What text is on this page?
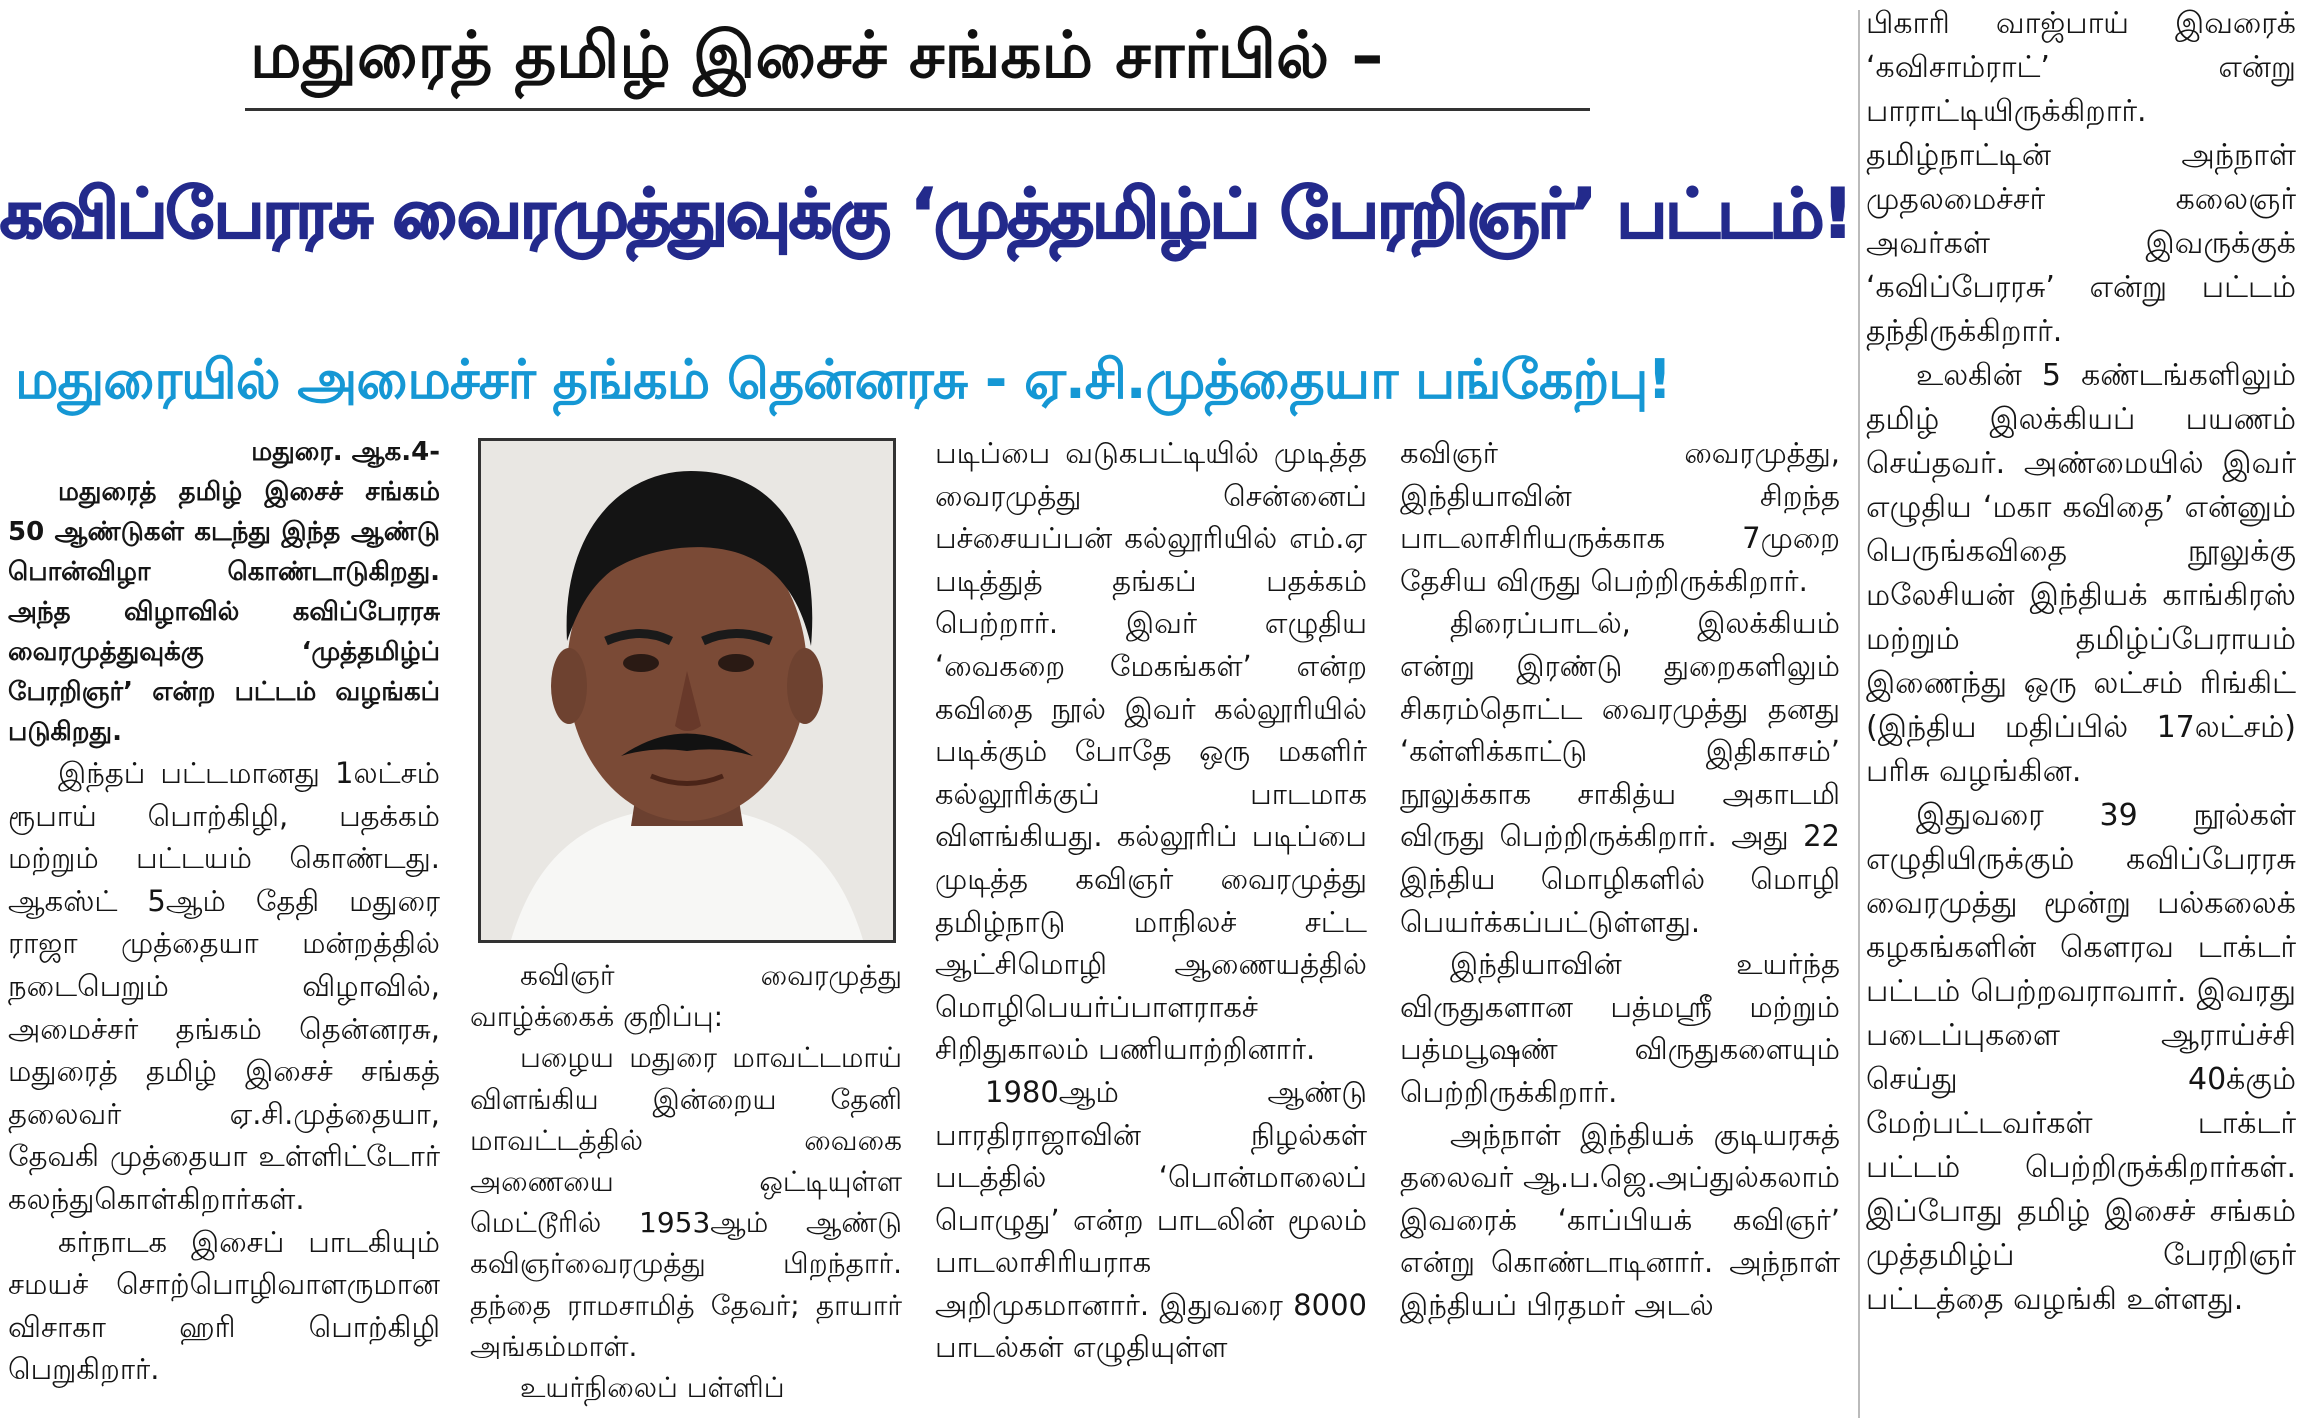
மதுரைத் தமிழ் இசைச் சங்கம் சார்பில் –
கவிப்பேரரசு வைரமுத்துவுக்கு ‘முத்தமிழ்ப் பேரறிஞர்’ பட்டம்!
மதுரையில் அமைச்சர் தங்கம் தென்னரசு - ஏ.சி.முத்தையா பங்கேற்பு!

மதுரை. ஆக.4-

மதுரைத் தமிழ் இசைச் சங்கம் 50 ஆண்டுகள் கடந்து இந்த ஆண்டு பொன்விழா கொண்டாடுகிறது. அந்த விழாவில் கவிப்பேரரசு வைரமுத்துவுக்கு ‘முத்தமிழ்ப் பேரறிஞர்’ என்ற பட்டம் வழங்கப் படுகிறது.

இந்தப் பட்டமானது 1லட்சம் ரூபாய் பொற்கிழி, பதக்கம் மற்றும் பட்டயம் கொண்டது. ஆகஸ்ட் 5ஆம் தேதி மதுரை ராஜா முத்தையா மன்றத்தில் நடைபெறும் விழாவில், அமைச்சர் தங்கம் தென்னரசு, மதுரைத் தமிழ் இசைச் சங்கத் தலைவர் ஏ.சி.முத்தையா, தேவகி முத்தையா உள்ளிட்டோர் கலந்துகொள்கிறார்கள்.

கர்நாடக இசைப் பாடகியும் சமயச் சொற்பொழிவாளருமான விசாகா ஹரி பொற்கிழி பெறுகிறார்.

கவிஞர் வைரமுத்து வாழ்க்கைக் குறிப்பு:

பழைய மதுரை மாவட்டமாய் விளங்கிய இன்றைய தேனி மாவட்டத்தில் வைகை அணையை ஒட்டியுள்ள மெட்டூரில் 1953ஆம் ஆண்டு கவிஞர்வைரமுத்து பிறந்தார். தந்தை ராமசாமித் தேவர்; தாயார் அங்கம்மாள்.

உயர்நிலைப் பள்ளிப்

படிப்பை வடுகபட்டியில் முடித்த வைரமுத்து சென்னைப் பச்சையப்பன் கல்லூரியில் எம்.ஏ படித்துத் தங்கப் பதக்கம் பெற்றார். இவர் எழுதிய ‘வைகறை மேகங்கள்’ என்ற கவிதை நூல் இவர் கல்லூரியில் படிக்கும் போதே ஒரு மகளிர் கல்லூரிக்குப் பாடமாக விளங்கியது. கல்லூரிப் படிப்பை முடித்த கவிஞர் வைரமுத்து தமிழ்நாடு மாநிலச் சட்ட ஆட்சிமொழி ஆணையத்தில் மொழிபெயர்ப்பாளராகச் சிறிதுகாலம் பணியாற்றினார்.

1980ஆம் ஆண்டு பாரதிராஜாவின் நிழல்கள் படத்தில் ‘பொன்மாலைப் பொழுது’ என்ற பாடலின் மூலம் பாடலாசிரியராக அறிமுகமானார். இதுவரை 8000 பாடல்கள் எழுதியுள்ள

கவிஞர் வைரமுத்து, இந்தியாவின் சிறந்த பாடலாசிரியருக்காக 7முறை தேசிய விருது பெற்றிருக்கிறார்.

திரைப்பாடல், இலக்கியம் என்று இரண்டு துறைகளிலும் சிகரம்தொட்ட வைரமுத்து தனது ‘கள்ளிக்காட்டு இதிகாசம்’ நூலுக்காக சாகித்ய அகாடமி விருது பெற்றிருக்கிறார். அது 22 இந்திய மொழிகளில் மொழி பெயர்க்கப்பட்டுள்ளது.

இந்தியாவின் உயர்ந்த விருதுகளான பத்மஸ்ரீ மற்றும் பத்மபூஷண் விருதுகளையும் பெற்றிருக்கிறார்.

அந்நாள் இந்தியக் குடியரசுத் தலைவர் ஆ.ப.ஜெ.அப்துல்கலாம் இவரைக் ‘காப்பியக் கவிஞர்’ என்று கொண்டாடினார். அந்நாள் இந்தியப் பிரதமர் அடல்

பிகாரி வாஜ்பாய் இவரைக் ‘கவிசாம்ராட்’ என்று பாராட்டியிருக்கிறார். தமிழ்நாட்டின் அந்நாள் முதலமைச்சர் கலைஞர் அவர்கள் இவருக்குக் ‘கவிப்பேரரசு’ என்று பட்டம் தந்திருக்கிறார்.

உலகின் 5 கண்டங்களிலும் தமிழ் இலக்கியப் பயணம் செய்தவர். அண்மையில் இவர் எழுதிய ‘மகா கவிதை’ என்னும் பெருங்கவிதை நூலுக்கு மலேசியன் இந்தியக் காங்கிரஸ் மற்றும் தமிழ்ப்பேராயம் இணைந்து ஒரு லட்சம் ரிங்கிட் (இந்திய மதிப்பில் 17லட்சம்) பரிசு வழங்கின.

இதுவரை 39 நூல்கள் எழுதியிருக்கும் கவிப்பேரரசு வைரமுத்து மூன்று பல்கலைக் கழகங்களின் கௌரவ டாக்டர் பட்டம் பெற்றவராவார். இவரது படைப்புகளை ஆராய்ச்சி செய்து 40க்கும் மேற்பட்டவர்கள் டாக்டர் பட்டம் பெற்றிருக்கிறார்கள். இப்போது தமிழ் இசைச் சங்கம் முத்தமிழ்ப் பேரறிஞர் பட்டத்தை வழங்கி உள்ளது.
